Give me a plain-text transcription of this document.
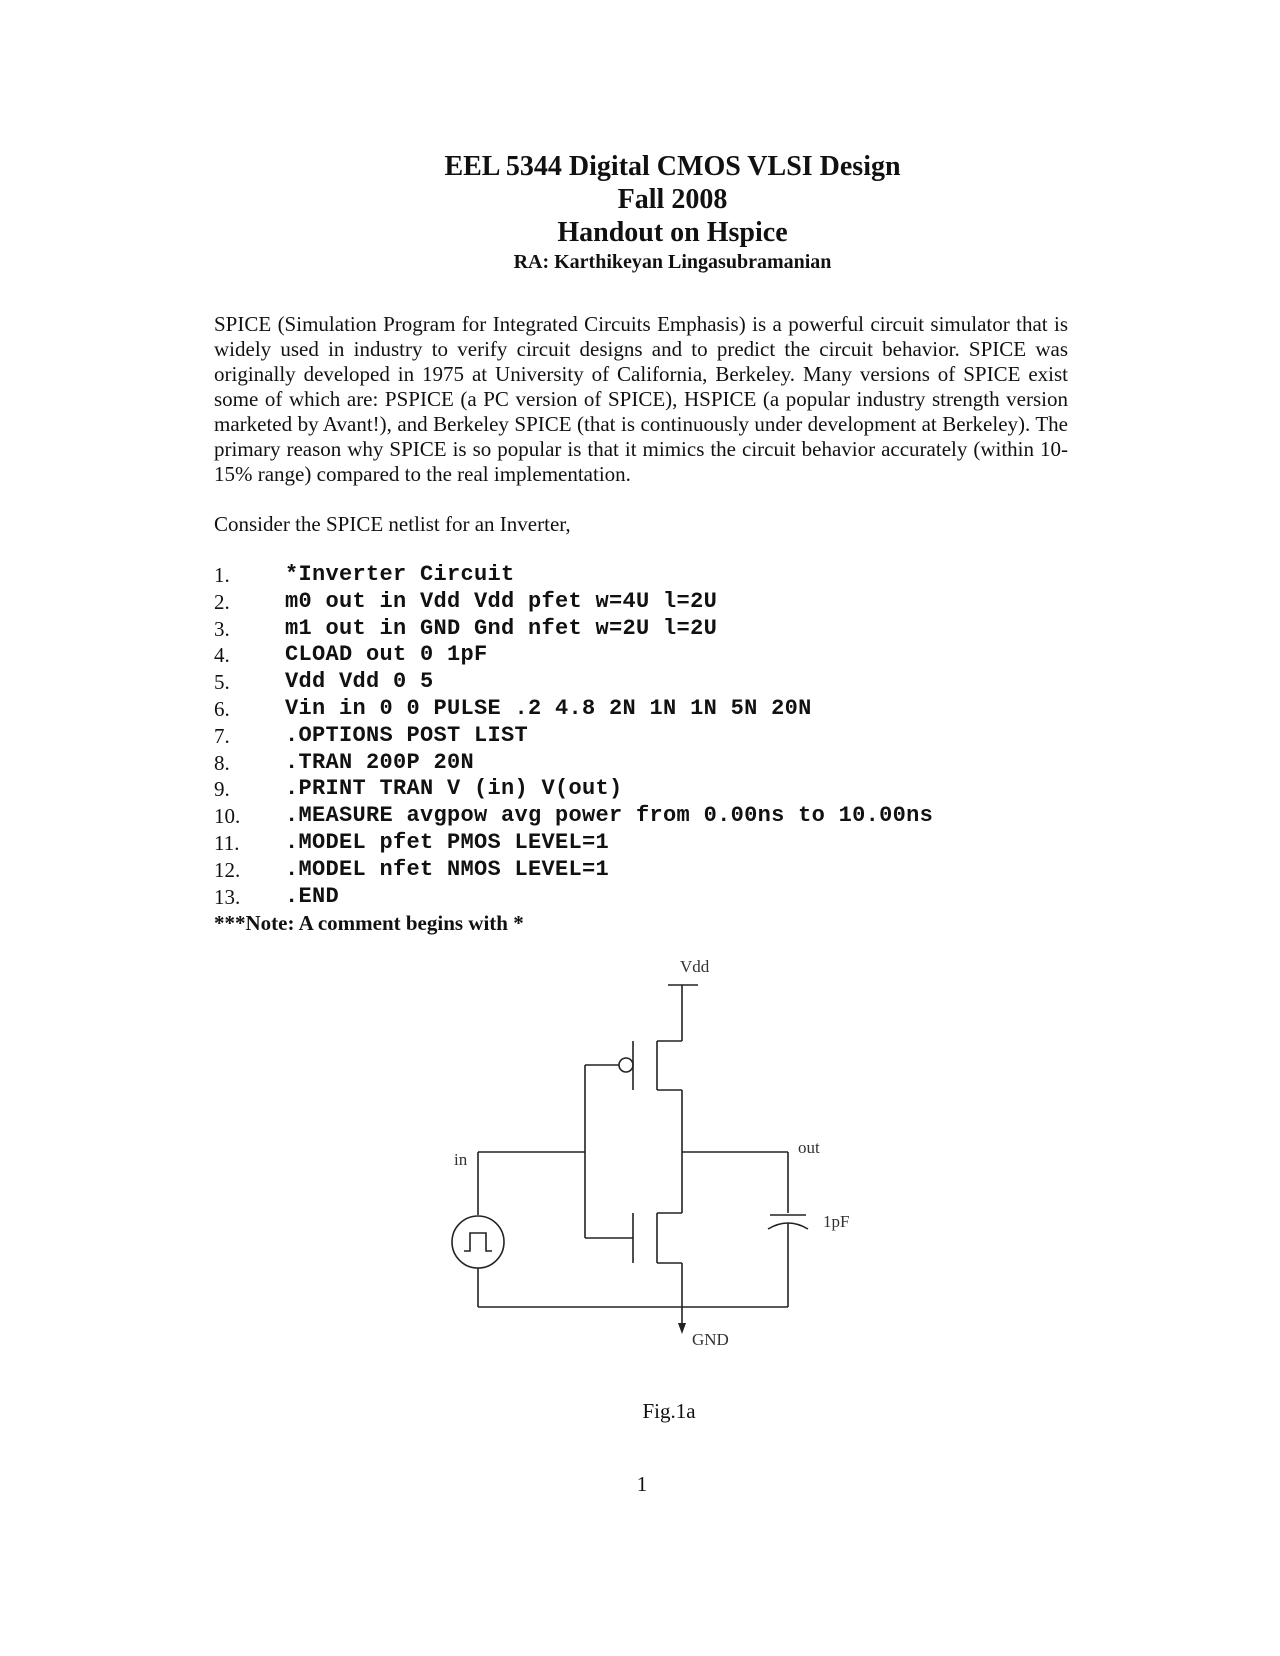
EEL 5344 Digital CMOS VLSI Design
Fall 2008
Handout on Hspice
RA: Karthikeyan Lingasubramanian

SPICE (Simulation Program for Integrated Circuits Emphasis) is a powerful circuit simulator that is widely used in industry to verify circuit designs and to predict the circuit behavior. SPICE was originally developed in 1975 at University of California, Berkeley. Many versions of SPICE exist some of which are: PSPICE (a PC version of SPICE), HSPICE (a popular industry strength version marketed by Avant!), and Berkeley SPICE (that is continuously under development at Berkeley). The primary reason why SPICE is so popular is that it mimics the circuit behavior accurately (within 10-15% range) compared to the real implementation.

Consider the SPICE netlist for an Inverter,

1.	*Inverter Circuit
2.	m0 out in Vdd Vdd pfet w=4U l=2U
3.	m1 out in GND Gnd nfet w=2U l=2U
4.	CLOAD out 0 1pF
5.	Vdd Vdd 0 5
6.	Vin in 0 0 PULSE .2 4.8 2N 1N 1N 5N 20N
7.	.OPTIONS POST LIST
8.	.TRAN 200P 20N
9.	.PRINT TRAN V (in) V(out)
10.	.MEASURE avgpow avg power from 0.00ns to 10.00ns
11.	.MODEL pfet PMOS LEVEL=1
12.	.MODEL nfet NMOS LEVEL=1
13.	.END

***Note: A comment begins with *

Vdd
in
out
1pF
GND
Fig.1a
1
